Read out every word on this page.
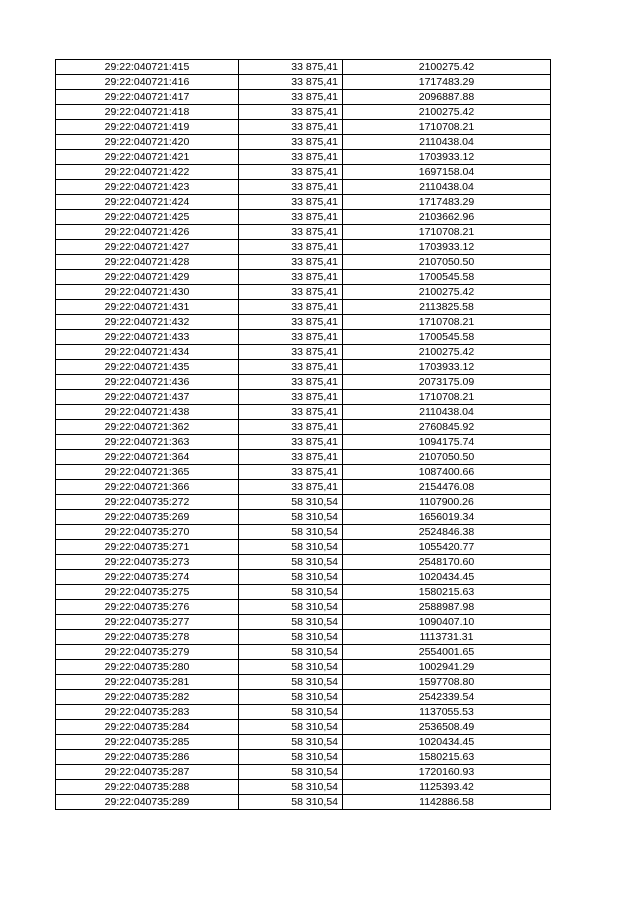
29:22:040721:415	33 875,41	2100275.42
29:22:040721:416	33 875,41	1717483.29
29:22:040721:417	33 875,41	2096887.88
29:22:040721:418	33 875,41	2100275.42
29:22:040721:419	33 875,41	1710708.21
29:22:040721:420	33 875,41	2110438.04
29:22:040721:421	33 875,41	1703933.12
29:22:040721:422	33 875,41	1697158.04
29:22:040721:423	33 875,41	2110438.04
29:22:040721:424	33 875,41	1717483.29
29:22:040721:425	33 875,41	2103662.96
29:22:040721:426	33 875,41	1710708.21
29:22:040721:427	33 875,41	1703933.12
29:22:040721:428	33 875,41	2107050.50
29:22:040721:429	33 875,41	1700545.58
29:22:040721:430	33 875,41	2100275.42
29:22:040721:431	33 875,41	2113825.58
29:22:040721:432	33 875,41	1710708.21
29:22:040721:433	33 875,41	1700545.58
29:22:040721:434	33 875,41	2100275.42
29:22:040721:435	33 875,41	1703933.12
29:22:040721:436	33 875,41	2073175.09
29:22:040721:437	33 875,41	1710708.21
29:22:040721:438	33 875,41	2110438.04
29:22:040721:362	33 875,41	2760845.92
29:22:040721:363	33 875,41	1094175.74
29:22:040721:364	33 875,41	2107050.50
29:22:040721:365	33 875,41	1087400.66
29:22:040721:366	33 875,41	2154476.08
29:22:040735:272	58 310,54	1107900.26
29:22:040735:269	58 310,54	1656019.34
29:22:040735:270	58 310,54	2524846.38
29:22:040735:271	58 310,54	1055420.77
29:22:040735:273	58 310,54	2548170.60
29:22:040735:274	58 310,54	1020434.45
29:22:040735:275	58 310,54	1580215.63
29:22:040735:276	58 310,54	2588987.98
29:22:040735:277	58 310,54	1090407.10
29:22:040735:278	58 310,54	1113731.31
29:22:040735:279	58 310,54	2554001.65
29:22:040735:280	58 310,54	1002941.29
29:22:040735:281	58 310,54	1597708.80
29:22:040735:282	58 310,54	2542339.54
29:22:040735:283	58 310,54	1137055.53
29:22:040735:284	58 310,54	2536508.49
29:22:040735:285	58 310,54	1020434.45
29:22:040735:286	58 310,54	1580215.63
29:22:040735:287	58 310,54	1720160.93
29:22:040735:288	58 310,54	1125393.42
29:22:040735:289	58 310,54	1142886.58
